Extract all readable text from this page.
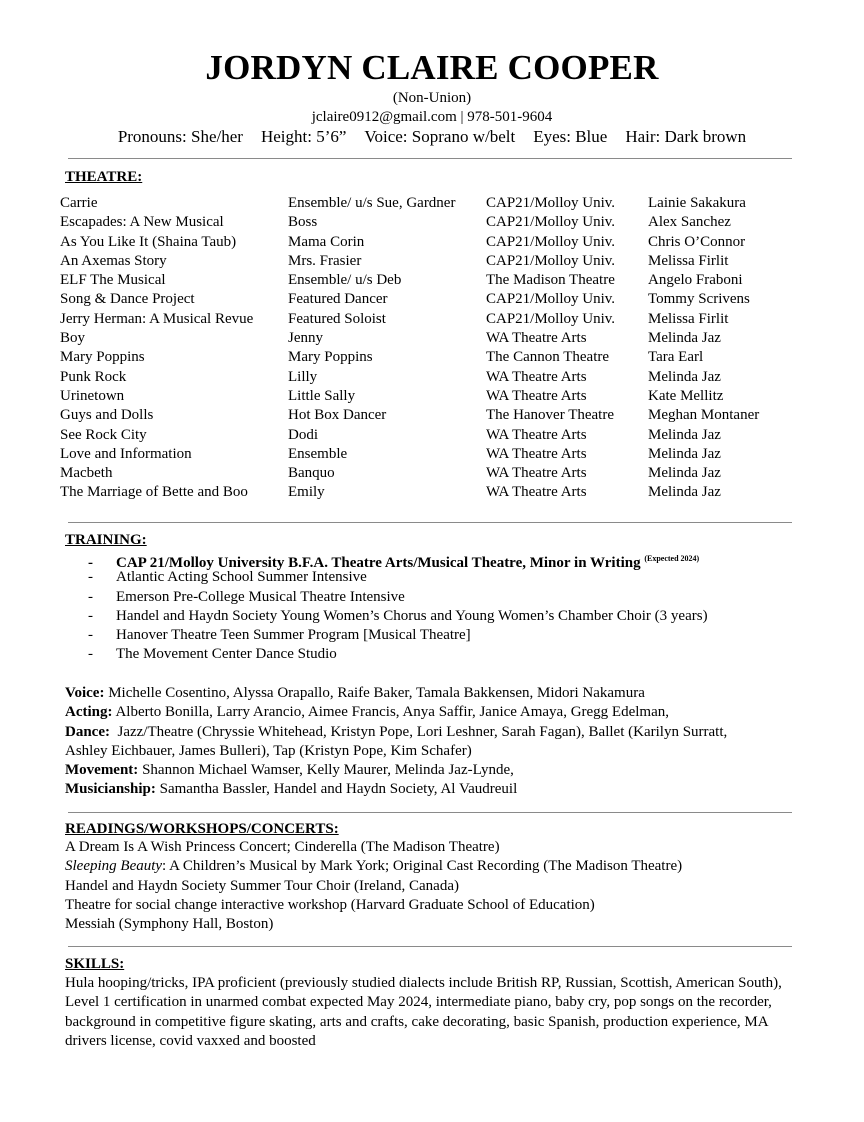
JORDYN CLAIRE COOPER
(Non-Union)
jclaire0912@gmail.com | 978-501-9604
Pronouns: She/her Height: 5’6” Voice: Soprano w/belt Eyes: Blue Hair: Dark brown
THEATRE:
Carrie	Ensemble/ u/s Sue, Gardner	CAP21/Molloy Univ.	Lainie Sakakura
Escapades: A New Musical	Boss	CAP21/Molloy Univ.	Alex Sanchez
As You Like It (Shaina Taub)	Mama Corin	CAP21/Molloy Univ.	Chris O’Connor
An Axemas Story	Mrs. Frasier	CAP21/Molloy Univ.	Melissa Firlit
ELF The Musical	Ensemble/ u/s Deb	The Madison Theatre	Angelo Fraboni
Song & Dance Project	Featured Dancer	CAP21/Molloy Univ.	Tommy Scrivens
Jerry Herman: A Musical Revue	Featured Soloist	CAP21/Molloy Univ.	Melissa Firlit
Boy	Jenny	WA Theatre Arts	Melinda Jaz
Mary Poppins	Mary Poppins	The Cannon Theatre	Tara Earl
Punk Rock	Lilly	WA Theatre Arts	Melinda Jaz
Urinetown	Little Sally	WA Theatre Arts	Kate Mellitz
Guys and Dolls	Hot Box Dancer	The Hanover Theatre	Meghan Montaner
See Rock City	Dodi	WA Theatre Arts	Melinda Jaz
Love and Information	Ensemble	WA Theatre Arts	Melinda Jaz
Macbeth	Banquo	WA Theatre Arts	Melinda Jaz
The Marriage of Bette and Boo	Emily	WA Theatre Arts	Melinda Jaz
TRAINING:
- CAP 21/Molloy University B.F.A. Theatre Arts/Musical Theatre, Minor in Writing $^{(Expected 2024)}$
- Atlantic Acting School Summer Intensive
- Emerson Pre-College Musical Theatre Intensive
- Handel and Haydn Society Young Women’s Chorus and Young Women’s Chamber Choir (3 years)
- Hanover Theatre Teen Summer Program [Musical Theatre]
- The Movement Center Dance Studio
Voice: Michelle Cosentino, Alyssa Orapallo, Raife Baker, Tamala Bakkensen, Midori Nakamura
Acting: Alberto Bonilla, Larry Arancio, Aimee Francis, Anya Saffir, Janice Amaya, Gregg Edelman,
Dance: Jazz/Theatre (Chryssie Whitehead, Kristyn Pope, Lori Leshner, Sarah Fagan), Ballet (Karilyn Surratt,
Ashley Eichbauer, James Bulleri), Tap (Kristyn Pope, Kim Schafer)
Movement: Shannon Michael Wamser, Kelly Maurer, Melinda Jaz-Lynde,
Musicianship: Samantha Bassler, Handel and Haydn Society, Al Vaudreuil
READINGS/WORKSHOPS/CONCERTS:
A Dream Is A Wish Princess Concert; Cinderella (The Madison Theatre)
Sleeping Beauty: A Children’s Musical by Mark York; Original Cast Recording (The Madison Theatre)
Handel and Haydn Society Summer Tour Choir (Ireland, Canada)
Theatre for social change interactive workshop (Harvard Graduate School of Education)
Messiah (Symphony Hall, Boston)
SKILLS:
Hula hooping/tricks, IPA proficient (previously studied dialects include British RP, Russian, Scottish, American South), Level 1 certification in unarmed combat expected May 2024, intermediate piano, baby cry, pop songs on the recorder, background in competitive figure skating, arts and crafts, cake decorating, basic Spanish, production experience, MA drivers license, covid vaxxed and boosted
